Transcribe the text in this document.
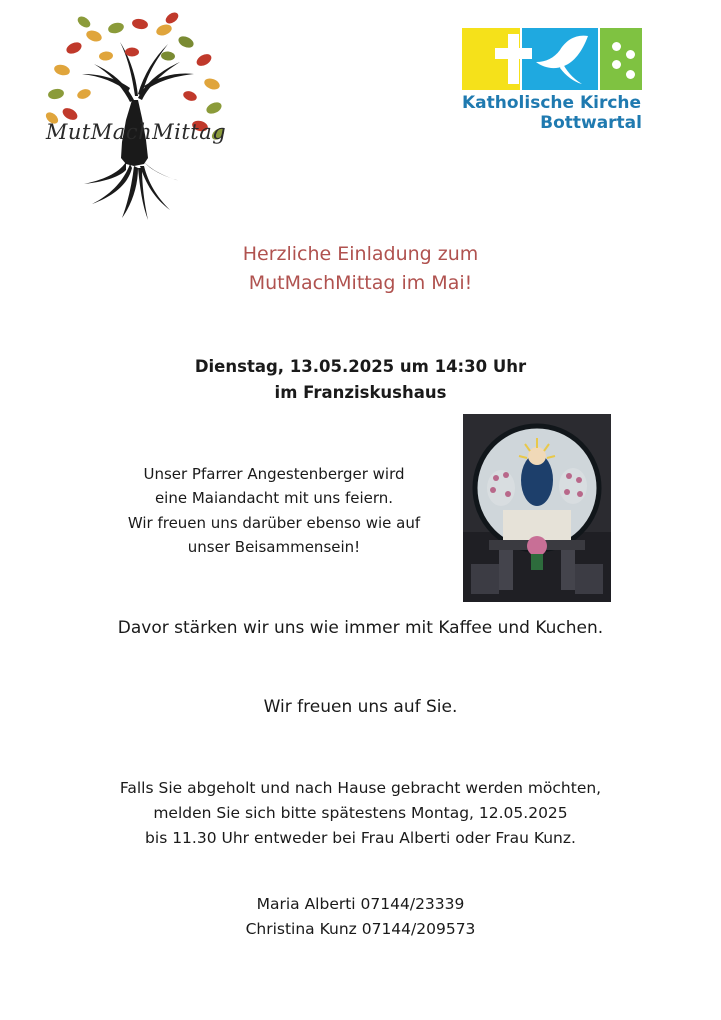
MutMachMittag
Katholische Kirche
Bottwartal
Herzliche Einladung zum
MutMachMittag im Mai!
Dienstag, 13.05.2025 um 14:30 Uhr
im Franziskushaus
Unser Pfarrer Angestenberger wird
eine Maiandacht mit uns feiern.
Wir freuen uns darüber ebenso wie auf
unser Beisammensein!
Davor stärken wir uns wie immer mit Kaffee und Kuchen.
Wir freuen uns auf Sie.
Falls Sie abgeholt und nach Hause gebracht werden möchten,
melden Sie sich bitte spätestens Montag, 12.05.2025
bis 11.30 Uhr entweder bei Frau Alberti oder Frau Kunz.
Maria Alberti 07144/23339
Christina Kunz 07144/209573
